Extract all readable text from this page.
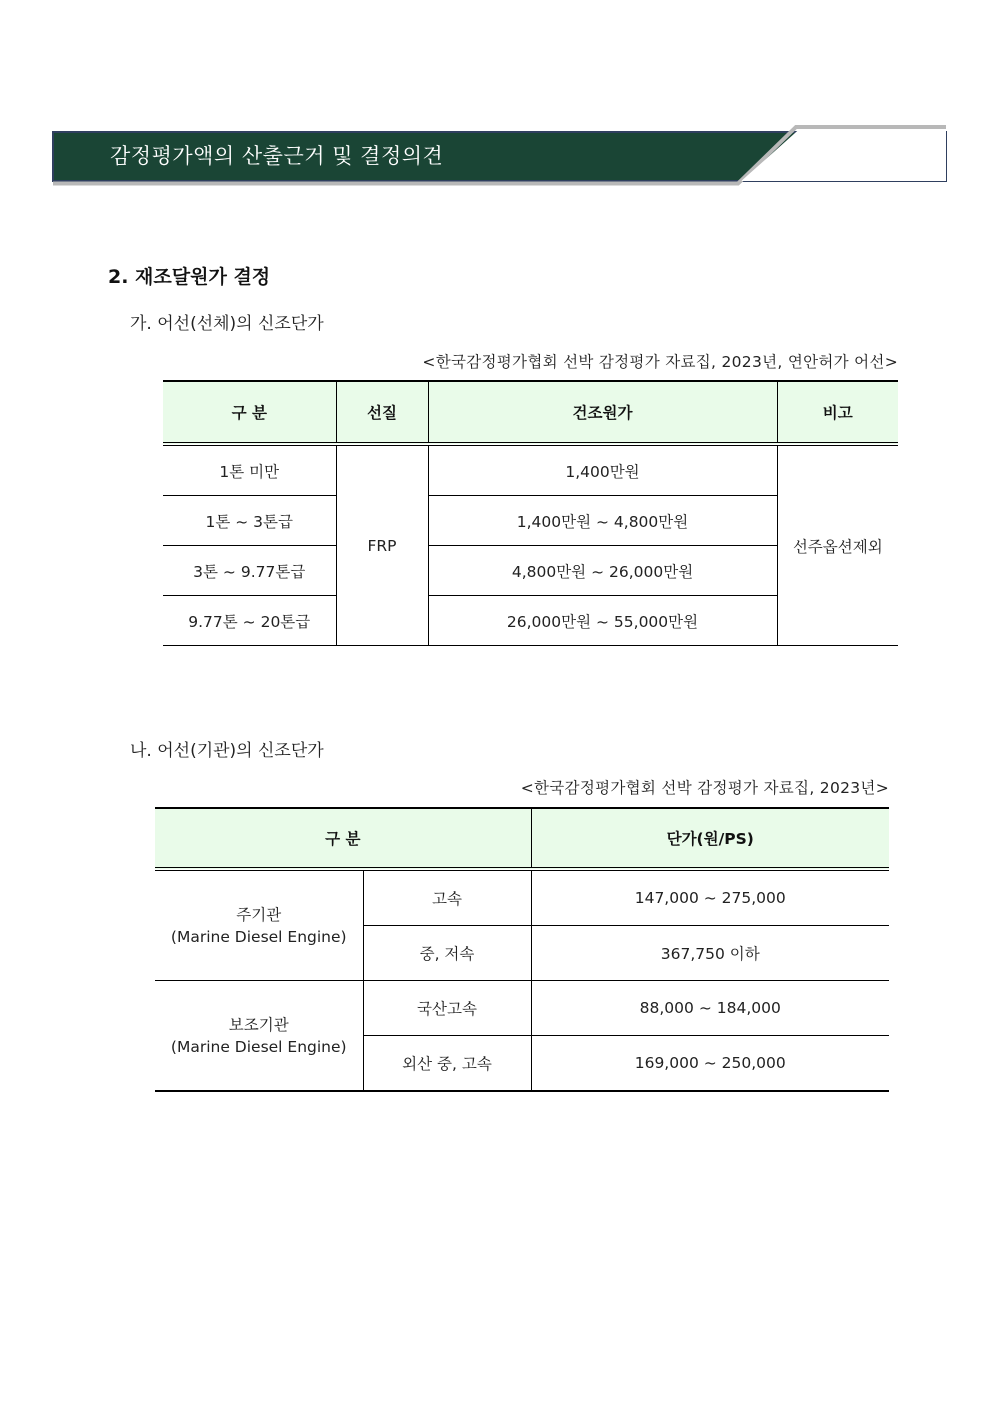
감정평가액의 산출근거 및 결정의견
2. 재조달원가 결정
가. 어선(선체)의 신조단가
<한국감정평가협회 선박 감정평가 자료집, 2023년, 연안허가 어선>
구 분	선질	건조원가	비고
1톤 미만	FRP	1,400만원	선주옵션제외
1톤 ~ 3톤급		1,400만원 ~ 4,800만원	
3톤 ~ 9.77톤급		4,800만원 ~ 26,000만원	
9.77톤 ~ 20톤급		26,000만원 ~ 55,000만원	
나. 어선(기관)의 신조단가
<한국감정평가협회 선박 감정평가 자료집, 2023년>
구 분		단가(원/PS)

주기관
(Marine Diesel Engine)	고속	147,000 ~ 275,000
	중, 저속	367,750 이하

보조기관
(Marine Diesel Engine)	국산고속	88,000 ~ 184,000
	외산 중, 고속	169,000 ~ 250,000
